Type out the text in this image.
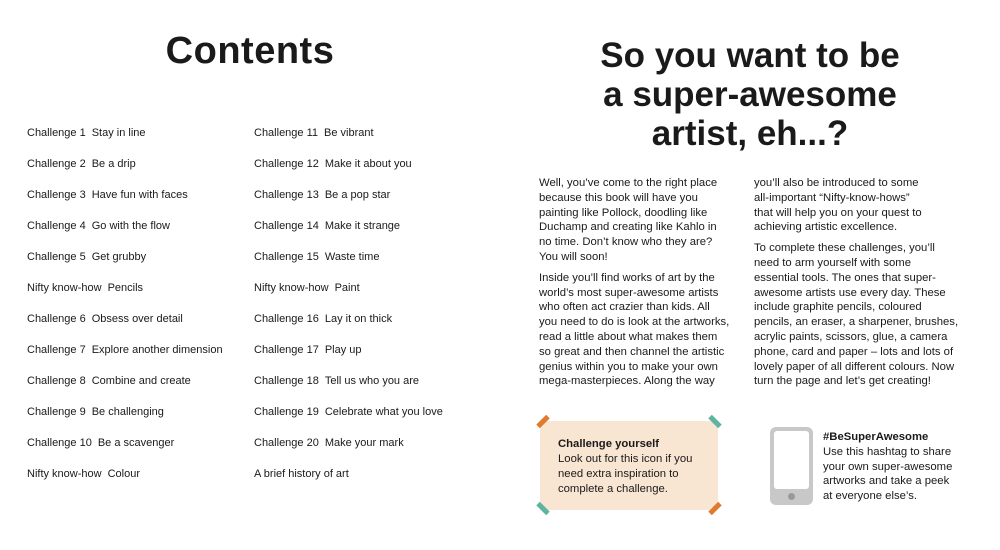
Contents
Challenge 1 Stay in line
Challenge 2 Be a drip
Challenge 3 Have fun with faces
Challenge 4 Go with the flow
Challenge 5 Get grubby
Nifty know-how Pencils
Challenge 6 Obsess over detail
Challenge 7 Explore another dimension
Challenge 8 Combine and create
Challenge 9 Be challenging
Challenge 10 Be a scavenger
Nifty know-how Colour
Challenge 11 Be vibrant
Challenge 12 Make it about you
Challenge 13 Be a pop star
Challenge 14 Make it strange
Challenge 15 Waste time
Nifty know-how Paint
Challenge 16 Lay it on thick
Challenge 17 Play up
Challenge 18 Tell us who you are
Challenge 19 Celebrate what you love
Challenge 20 Make your mark
A brief history of art
So you want to be
a super-awesome
artist, eh...?

Well, you’ve come to the right place
because this book will have you
painting like Pollock, doodling like
Duchamp and creating like Kahlo in
no time. Don’t know who they are?
You will soon!

Inside you’ll find works of art by the
world’s most super-awesome artists
who often act crazier than kids. All
you need to do is look at the artworks,
read a little about what makes them
so great and then channel the artistic
genius within you to make your own
mega-masterpieces. Along the way

you’ll also be introduced to some
all-important “Nifty-know-hows”
that will help you on your quest to
achieving artistic excellence.

To complete these challenges, you’ll
need to arm yourself with some
essential tools. The ones that super-
awesome artists use every day. These
include graphite pencils, coloured
pencils, an eraser, a sharpener, brushes,
acrylic paints, scissors, glue, a camera
phone, card and paper – lots and lots of
lovely paper of all different colours. Now
turn the page and let’s get creating!

Challenge yourself
Look out for this icon if you
need extra inspiration to
complete a challenge.
#BeSuperAwesome
Use this hashtag to share
your own super-awesome
artworks and take a peek
at everyone else’s.
